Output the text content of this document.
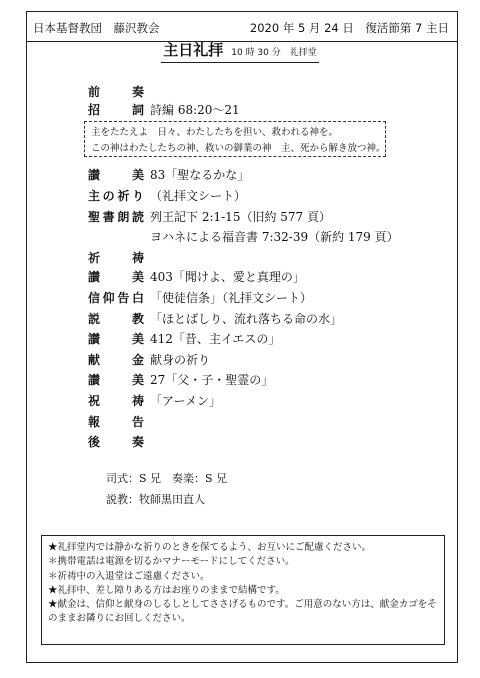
日本基督教団　藤沢教会	2020 年 5 月 24 日　復活節第 7 主日
主日礼拝 10 時 30 分　礼拝堂
前奏
招詞 詩編 68:20～21
主をたたえよ　日々、わたしたちを担い、救われる神を。
この神はわたしたちの神、救いの御業の神　主、死から解き放つ神。
讃美 83「聖なるかな」
主の祈り （礼拝文シート）
聖書朗読 列王記下 2:1-15（旧約 577 頁）
ヨハネによる福音書 7:32-39（新約 179 頁）
祈祷
讃美 403「聞けよ、愛と真理の」
信仰告白 「使徒信条」（礼拝文シート）
説教 「ほとばしり、流れ落ちる命の水」
讃美 412「昔、主イエスの」
献金 献身の祈り
讃美 27「父・子・聖霊の」
祝祷 「アーメン」
報告
後奏
司式：S 兄　奏楽：S 兄
説教：牧師黒田直人
★礼拝堂内では静かな祈りのときを保てるよう、お互いにご配慮ください。
＊携帯電話は電源を切るかマナーモードにしてください。
＊祈祷中の入退堂はご遠慮ください。
★礼拝中、差し障りある方はお座りのままで結構です。
★献金は、信仰と献身のしるしとしてささげるものです。ご用意のない方は、献金カゴをそのままお隣りにお回しください。
